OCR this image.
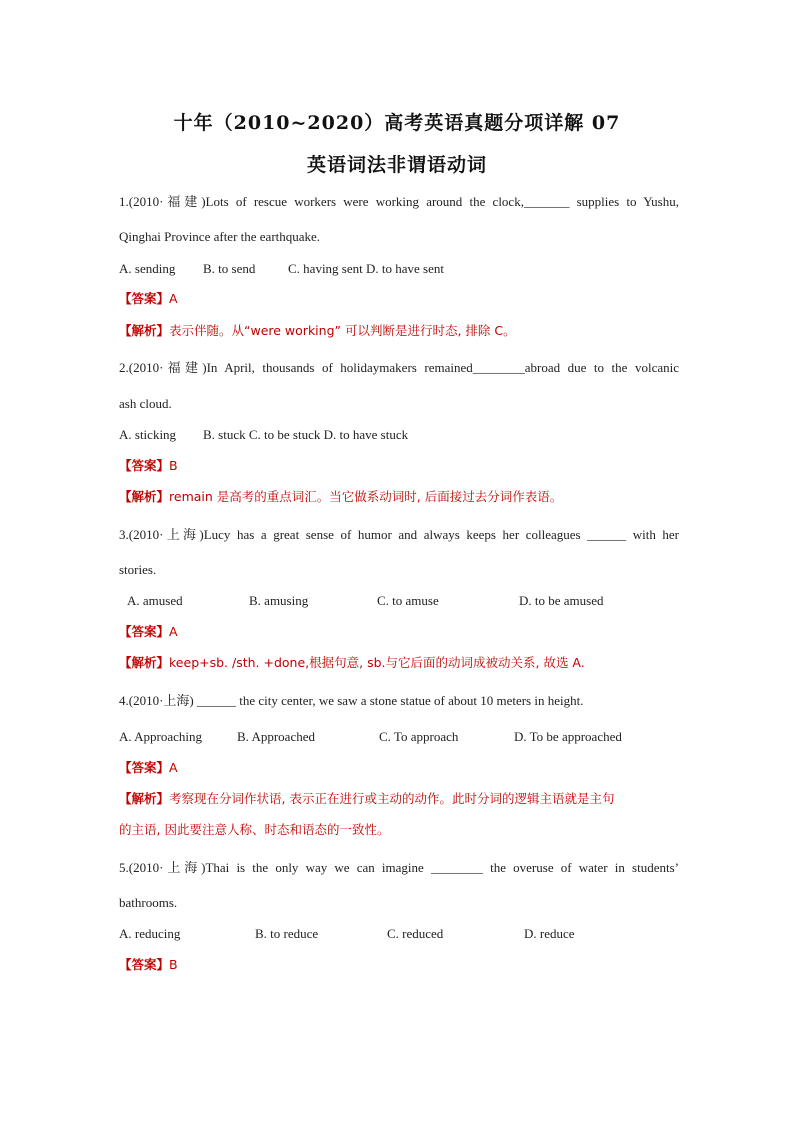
十年（2010~2020）高考英语真题分项详解 07
英语词法非谓语动词
1.(2010·福建)Lots of rescue workers were working around the clock,_______ supplies to Yushu,
Qinghai Province after the earthquake.
A. sending B. to send	C. having sent D. to have sent
【答案】A
【解析】表示伴随。从“were working” 可以判断是进行时态, 排除 C。
2.(2010·福建)In April, thousands of holidaymakers remained________abroad due to the volcanic
ash cloud.
A. sticking B. stuck C. to be stuck D. to have stuck
【答案】B
【解析】remain 是高考的重点词汇。当它做系动词时, 后面接过去分词作表语。
3.(2010·上海)Lucy has a great sense of humor and always keeps her colleagues ______ with her
stories.
A. amused	B. amusing	C. to amuse	D. to be amused
【答案】A
【解析】keep+sb. /sth. +done,根据句意, sb.与它后面的动词成被动关系, 故选 A.
4.(2010·上海) ______ the city center, we saw a stone statue of about 10 meters in height.
A. Approaching	B. Approached	C. To approach	D. To be approached
【答案】A
【解析】考察现在分词作状语, 表示正在进行或主动的动作。此时分词的逻辑主语就是主句
的主语, 因此要注意人称、时态和语态的一致性。
5.(2010·上海)Thai is the only way we can imagine ________ the overuse of water in students’
bathrooms.
A. reducing	B. to reduce	C. reduced	D. reduce
【答案】B
